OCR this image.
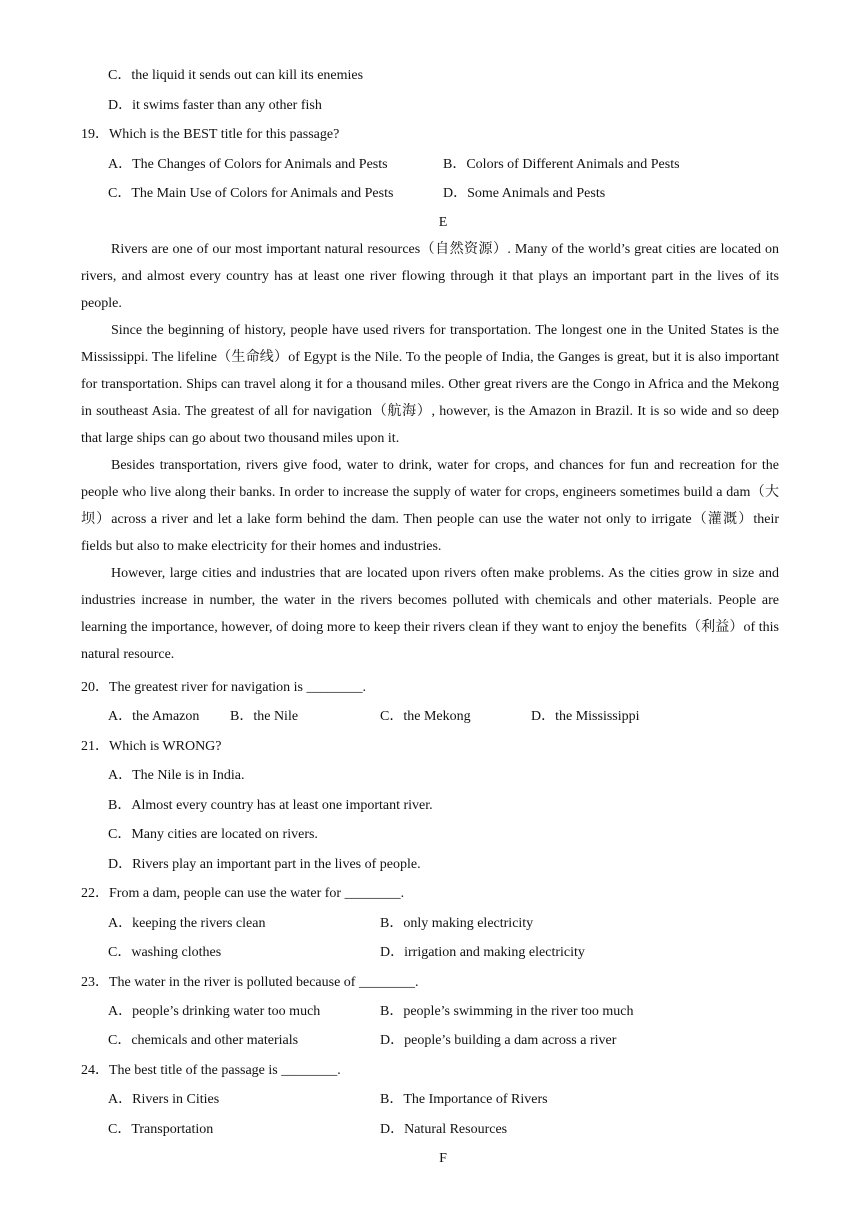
C．the liquid it sends out can kill its enemies
D．it swims faster than any other fish
19．Which is the BEST title for this passage?
A．The Changes of Colors for Animals and Pests	B．Colors of Different Animals and Pests
C．The Main Use of Colors for Animals and Pests	D．Some Animals and Pests
E

Rivers are one of our most important natural resources（自然资源）. Many of the world’s great cities are located on rivers, and almost every country has at least one river flowing through it that plays an important part in the lives of its people.

Since the beginning of history, people have used rivers for transportation. The longest one in the United States is the Mississippi. The lifeline（生命线）of Egypt is the Nile. To the people of India, the Ganges is great, but it is also important for transportation. Ships can travel along it for a thousand miles. Other great rivers are the Congo in Africa and the Mekong in southeast Asia. The greatest of all for navigation（航海）, however, is the Amazon in Brazil. It is so wide and so deep that large ships can go about two thousand miles upon it.

Besides transportation, rivers give food, water to drink, water for crops, and chances for fun and recreation for the people who live along their banks. In order to increase the supply of water for crops, engineers sometimes build a dam（大坝）across a river and let a lake form behind the dam. Then people can use the water not only to irrigate（灌溉）their fields but also to make electricity for their homes and industries.

However, large cities and industries that are located upon rivers often make problems. As the cities grow in size and industries increase in number, the water in the rivers becomes polluted with chemicals and other materials. People are learning the importance, however, of doing more to keep their rivers clean if they want to enjoy the benefits（利益）of this natural resource.

20．The greatest river for navigation is ________.
A．the Amazon B．the Nile	C．the Mekong	D．the Mississippi
21．Which is WRONG?
A．The Nile is in India.
B．Almost every country has at least one important river.
C．Many cities are located on rivers.
D．Rivers play an important part in the lives of people.
22．From a dam, people can use the water for ________.
A．keeping the rivers clean	B．only making electricity
C．washing clothes	D．irrigation and making electricity
23．The water in the river is polluted because of ________.
A．people’s drinking water too much	B．people’s swimming in the river too much
C．chemicals and other materials	D．people’s building a dam across a river
24．The best title of the passage is ________.
A．Rivers in Cities	B．The Importance of Rivers
C．Transportation	D．Natural Resources
F
